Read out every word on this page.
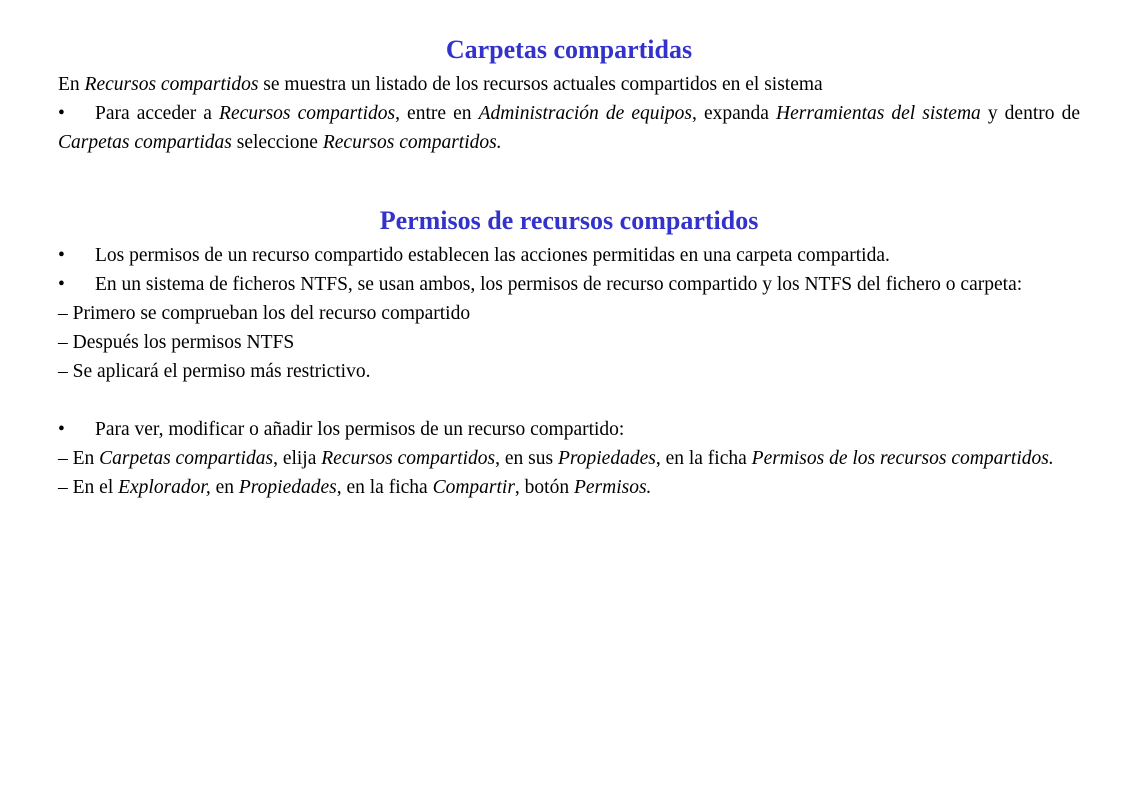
Carpetas compartidas

En Recursos compartidos se muestra un listado de los recursos actuales compartidos en el sistema

• Para acceder a Recursos compartidos, entre en Administración de equipos, expanda Herramientas del sistema y dentro de Carpetas compartidas seleccione Recursos compartidos.

Permisos de recursos compartidos

• Los permisos de un recurso compartido establecen las acciones permitidas en una carpeta compartida.

• En un sistema de ficheros NTFS, se usan ambos, los permisos de recurso compartido y los NTFS del fichero o carpeta:

– Primero se comprueban los del recurso compartido

– Después los permisos NTFS

– Se aplicará el permiso más restrictivo.

• Para ver, modificar o añadir los permisos de un recurso compartido:

– En Carpetas compartidas, elija Recursos compartidos, en sus Propiedades, en la ficha Permisos de los recursos compartidos.

– En el Explorador, en Propiedades, en la ficha Compartir, botón Permisos.
